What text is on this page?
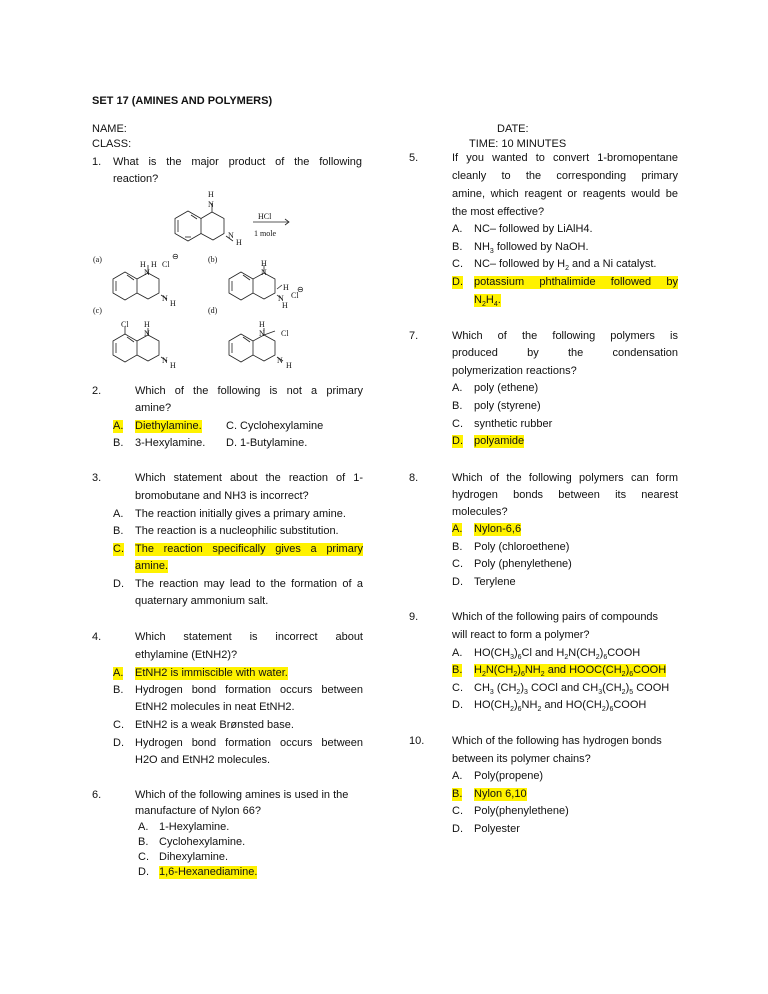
SET 17 (AMINES AND POLYMERS)
NAME:
CLASS:
DATE:
TIME: 10 MINUTES
1. What is the major product of the following
reaction?
H
N
N
H
HCl
1 mole
(a)
H H Cl
⊖
N
N
H
(b)	H
N
N
H
Cl
⊖
H
(c)
Cl H
N
N
H
(d)
H
N Cl
N
H
2.	Which of the following is not a primary
amine?
A. Diethylamine. C. Cyclohexylamine
B. 3-Hexylamine. D. 1-Butylamine.
3.	Which statement about the reaction of 1-
bromobutane and NH3 is incorrect?
A. The reaction initially gives a primary amine.
B. The reaction is a nucleophilic substitution.
C. The reaction specifically gives a primary
amine.
D. The reaction may lead to the formation of a
quaternary ammonium salt.
4.	Which statement is incorrect about
ethylamine (EtNH2)?
A. EtNH2 is immiscible with water.
B. Hydrogen bond formation occurs between
EtNH2 molecules in neat EtNH2.
C. EtNH2 is a weak Brønsted base.
D. Hydrogen bond formation occurs between
H2O and EtNH2 molecules.
6.	Which of the following amines is used in the
manufacture of Nylon 66?
A. 1-Hexylamine.
B. Cyclohexylamine.
C. Dihexylamine.
D. 1,6-Hexanediamine.
5.	If you wanted to convert 1-bromopentane
cleanly to the corresponding primary
amine, which reagent or reagents would be
the most effective?
A. NC– followed by LiAlH4.
B. $NH_3$ followed by NaOH.
C. NC– followed by $H_2$ and a Ni catalyst.
D. potassium phthalimide followed by
$N_2H_4$.
7.	Which of the following polymers is
produced by the condensation
polymerization reactions?
A. poly (ethene)
B. poly (styrene)
C. synthetic rubber
D. polyamide
8.	Which of the following polymers can form
hydrogen bonds between its nearest
molecules?
A. Nylon-6,6
B. Poly (chloroethene)
C. Poly (phenylethene)
D. Terylene
9.	Which of the following pairs of compounds
will react to form a polymer?
A. $HO(CH_3)_6Cl$ and $H_2N(CH_2)_6COOH$
B. $H_2N(CH_2)_6NH_2$ and $HOOC(CH_2)_6COOH$
C. $CH_3$ $(CH_2)_3$ COCl and $CH_3(CH_2)_5$ COOH
D. $HO(CH_2)_6NH_2$ and $HO(CH_2)_6COOH$
10.	Which of the following has hydrogen bonds
between its polymer chains?
A. Poly(propene)
B. Nylon 6,10
C. Poly(phenylethene)
D. Polyester
